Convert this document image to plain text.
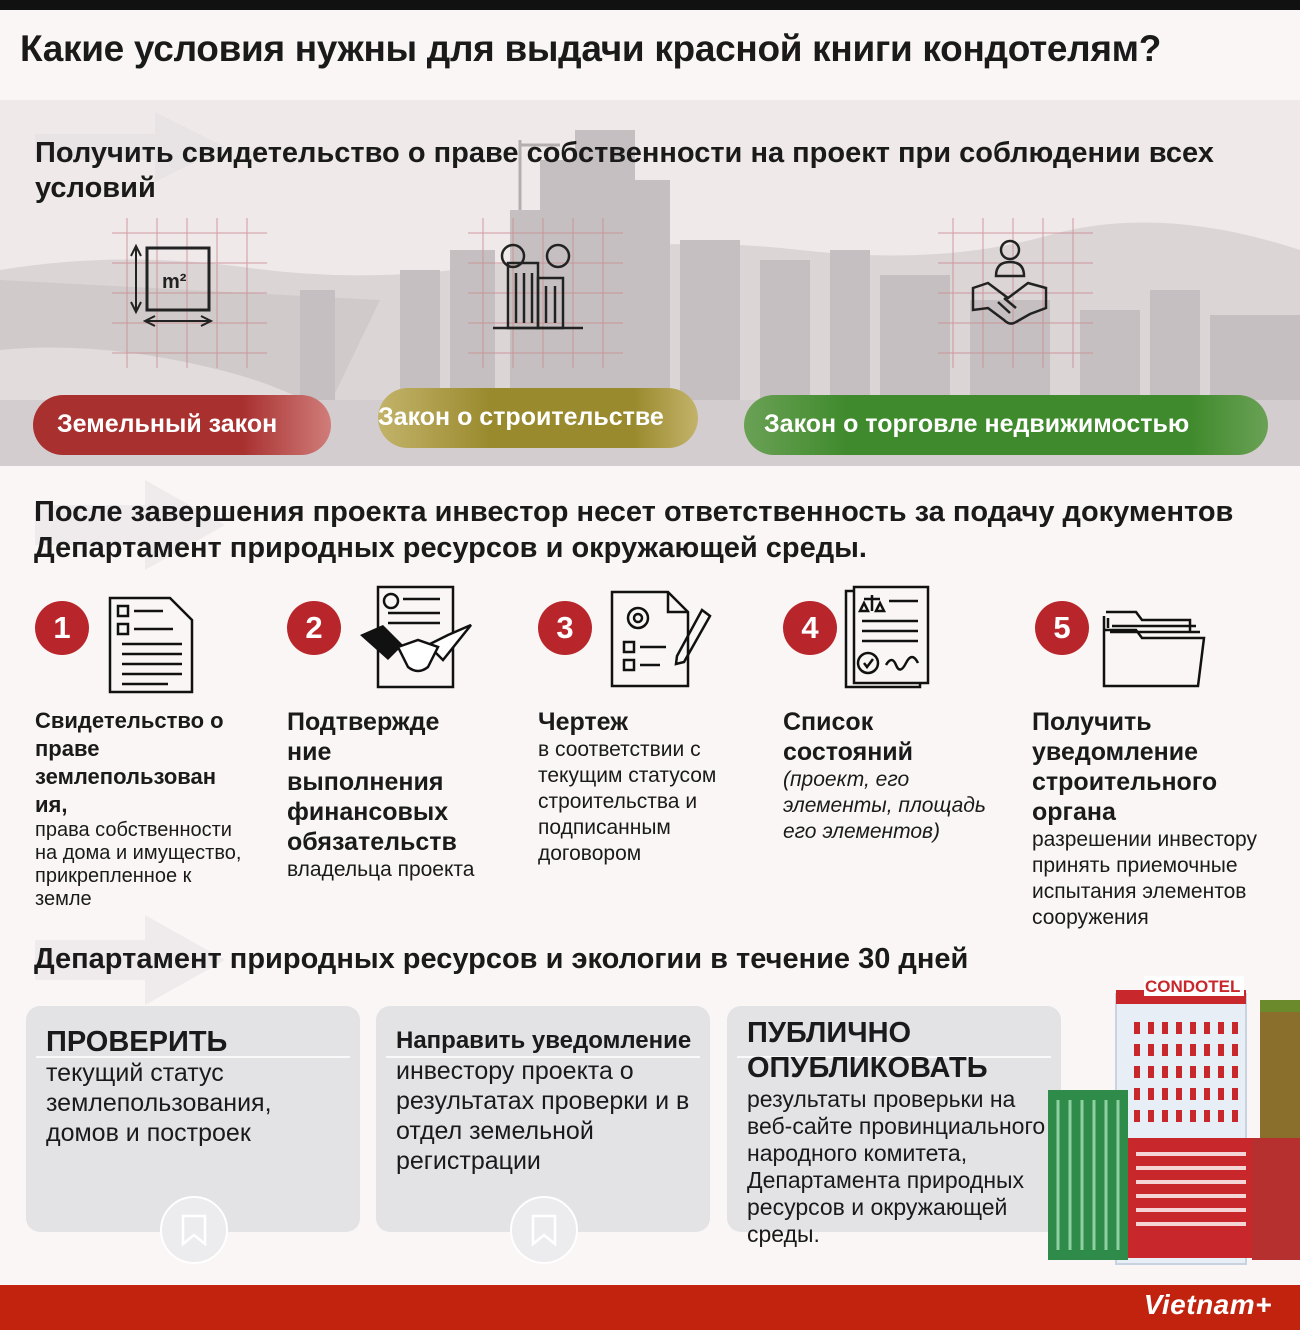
Какие условия нужны для выдачи красной книги кондотелям?
Получить свидетельство о праве собственности на проект при соблюдении всех условий
m²
Земельный закон	Закон о строительстве	Закон о торговле недвижимостью
После завершения проекта инвестор несет ответственность за подачу документов
Департамент природных ресурсов и окружающей среды.
1	2	3	4	5
Свидетельство о праве землепользован ия,
права собственности на дома и имущество, прикрепленное к земле
Подтвержде ние выполнения финансовых обязательств
владельца проекта
Чертеж
в соответствии с текущим статусом строительства и подписанным договором
Список состояний
(проект, его элементы, площадь его элементов)
Получить уведомление строительного органа
разрешении инвестору принять приемочные испытания элементов сооружения
Департамент природных ресурсов и экологии в течение 30 дней
ПРОВЕРИТЬ
текущий статус землепользования, домов и построек
Направить уведомление
инвестору проекта о результатах проверки и в отдел земельной регистрации
ПУБЛИЧНО ОПУБЛИКОВАТЬ
результаты проверьки на веб-сайте провинциального народного комитета, Департамента природных ресурсов и окружающей среды.
CONDOTEL
Vietnam+
